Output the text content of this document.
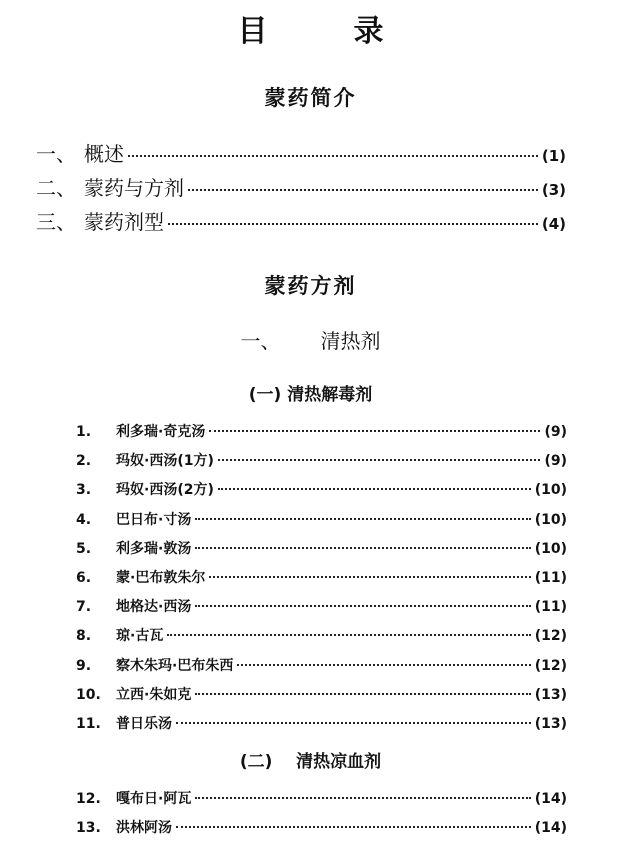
目	录
蒙药简介
一、 概述	(1)
二、 蒙药与方剂	(3)
三、 蒙药剂型	(4)
蒙药方剂
一、 清热剂
(一) 清热解毒剂
1.	利多瑞·奇克汤	(9)
2.	玛奴·西汤(1方)	(9)
3.	玛奴·西汤(2方)	(10)
4.	巴日布·寸汤	(10)
5.	利多瑞·敦汤	(10)
6.	蒙·巴布敦朱尔	(11)
7.	地格达·西汤	(11)
8.	琼·古瓦	(12)
9.	察木朱玛·巴布朱西	(12)
10.	立西·朱如克	(13)
11.	普日乐汤	(13)
(二)    清热凉血剂
12.	嘎布日·阿瓦	(14)
13.	洪林阿汤	(14)
